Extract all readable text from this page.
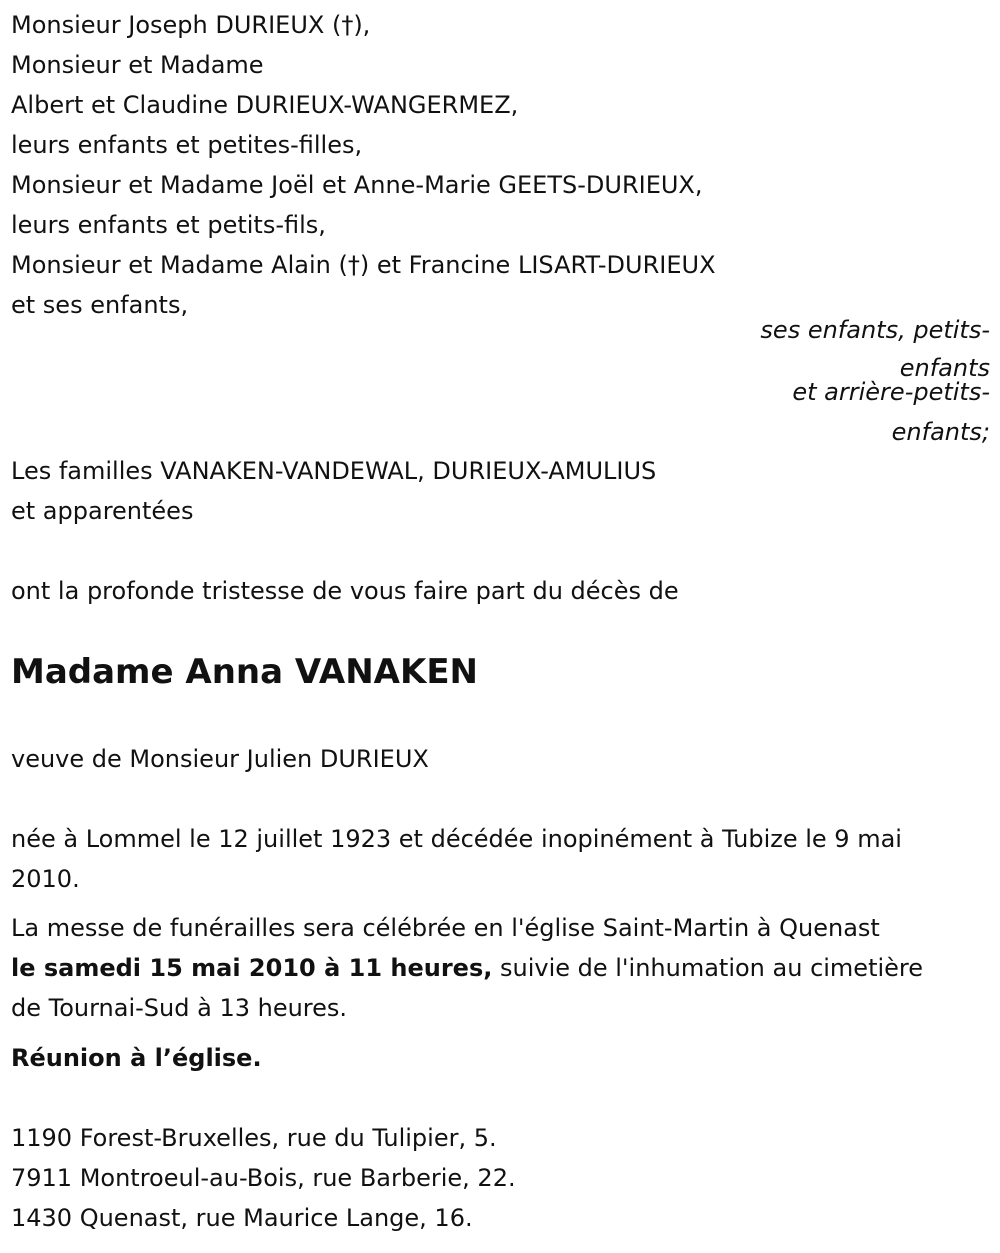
Monsieur Joseph DURIEUX (†),
Monsieur et Madame
Albert et Claudine DURIEUX-WANGERMEZ,
leurs enfants et petites-filles,
Monsieur et Madame Joël et Anne-Marie GEETS-DURIEUX,
leurs enfants et petits-fils,
Monsieur et Madame Alain (†) et Francine LISART-DURIEUX
et ses enfants,
ses enfants, petits-
enfants
et arrière-petits-
enfants;
Les familles VANAKEN-VANDEWAL, DURIEUX-AMULIUS
et apparentées
ont la profonde tristesse de vous faire part du décès de
Madame Anna VANAKEN
veuve de Monsieur Julien DURIEUX
née à Lommel le 12 juillet 1923 et décédée inopinément à Tubize le 9 mai
2010.
La messe de funérailles sera célébrée en l'église Saint-Martin à Quenast
le samedi 15 mai 2010 à 11 heures, suivie de l'inhumation au cimetière
de Tournai-Sud à 13 heures.
Réunion à l’église.
1190 Forest-Bruxelles, rue du Tulipier, 5.
7911 Montroeul-au-Bois, rue Barberie, 22.
1430 Quenast, rue Maurice Lange, 16.
